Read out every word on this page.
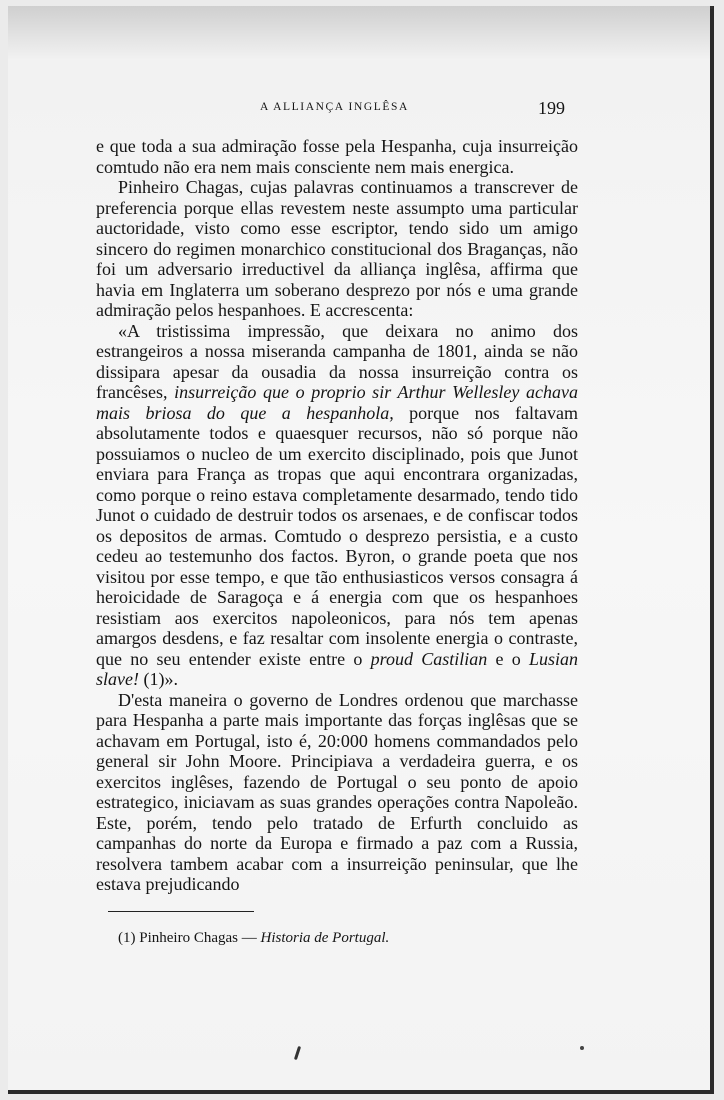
A ALLIANÇA INGLÊSA	199

e que toda a sua admiração fosse pela Hespanha, cuja insurreição comtudo não era nem mais consciente nem mais energica.

Pinheiro Chagas, cujas palavras continuamos a transcrever de preferencia porque ellas revestem neste assumpto uma particular auctoridade, visto como esse escriptor, tendo sido um amigo sincero do regimen monarchico constitucional dos Braganças, não foi um adversario irreductivel da alliança inglêsa, affirma que havia em Inglaterra um soberano desprezo por nós e uma grande admiração pelos hespanhoes. E accrescenta:

«A tristissima impressão, que deixara no animo dos estrangeiros a nossa miseranda campanha de 1801, ainda se não dissipara apesar da ousadia da nossa insurreição contra os francêses, insurreição que o proprio sir Arthur Wellesley achava mais briosa do que a hespanhola, porque nos faltavam absolutamente todos e quaesquer recursos, não só porque não possuiamos o nucleo de um exercito disciplinado, pois que Junot enviara para França as tropas que aqui encontrara organizadas, como porque o reino estava completamente desarmado, tendo tido Junot o cuidado de destruir todos os arsenaes, e de confiscar todos os depositos de armas. Comtudo o desprezo persistia, e a custo cedeu ao testemunho dos factos. Byron, o grande poeta que nos visitou por esse tempo, e que tão enthusiasticos versos consagra á heroicidade de Saragoça e á energia com que os hespanhoes resistiam aos exercitos napoleonicos, para nós tem apenas amargos desdens, e faz resaltar com insolente energia o contraste, que no seu entender existe entre o proud Castilian e o Lusian slave! (1)».

D'esta maneira o governo de Londres ordenou que marchasse para Hespanha a parte mais importante das forças inglêsas que se achavam em Portugal, isto é, 20:000 homens commandados pelo general sir John Moore. Principiava a verdadeira guerra, e os exercitos inglêses, fazendo de Portugal o seu ponto de apoio estrategico, iniciavam as suas grandes operações contra Napoleão. Este, porém, tendo pelo tratado de Erfurth concluido as campanhas do norte da Europa e firmado a paz com a Russia, resolvera tambem acabar com a insurreição peninsular, que lhe estava prejudicando

(1) Pinheiro Chagas — Historia de Portugal.
